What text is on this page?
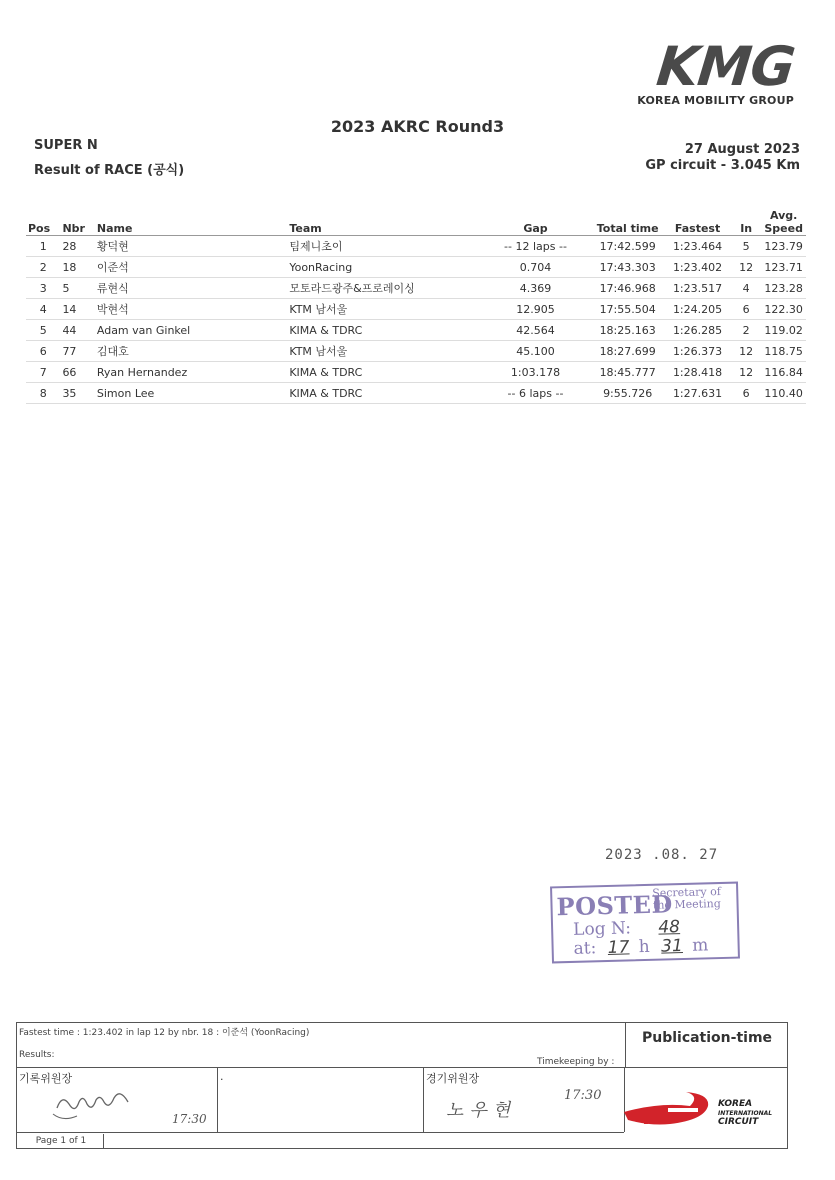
KMG
KOREA MOBILITY GROUP
2023 AKRC Round3
SUPER N
Result of RACE (공식)
27 August 2023
GP circuit - 3.045 Km
Pos	Nbr	Name	Team	Gap	Total time	Fastest	In	Avg. Speed
1	28	황덕현	팀제니초이	-- 12 laps --	17:42.599	1:23.464	5	123.79
2	18	이준석	YoonRacing	0.704	17:43.303	1:23.402	12	123.71
3	5	류현식	모토라드광주&프로레이싱	4.369	17:46.968	1:23.517	4	123.28
4	14	박현석	KTM 남서울	12.905	17:55.504	1:24.205	6	122.30
5	44	Adam van Ginkel	KIMA & TDRC	42.564	18:25.163	1:26.285	2	119.02
6	77	김대호	KTM 남서울	45.100	18:27.699	1:26.373	12	118.75
7	66	Ryan Hernandez	KIMA & TDRC	1:03.178	18:45.777	1:28.418	12	116.84
8	35	Simon Lee	KIMA & TDRC	-- 6 laps --	9:55.726	1:27.631	6	110.40
2023 .08. 27
POSTED
Secretary of
the Meeting
Log N: 48
at: 17 h 31 m
Fastest time : 1:23.402 in lap 12 by nbr. 18 : 이준석 (YoonRacing)	Publication-time
Results:
Timekeeping by :
기록위원장
17:30
.	경기위원장
노우현
17:30
Page 1 of 1
KOREA
INTERNATIONAL
CIRCUIT
